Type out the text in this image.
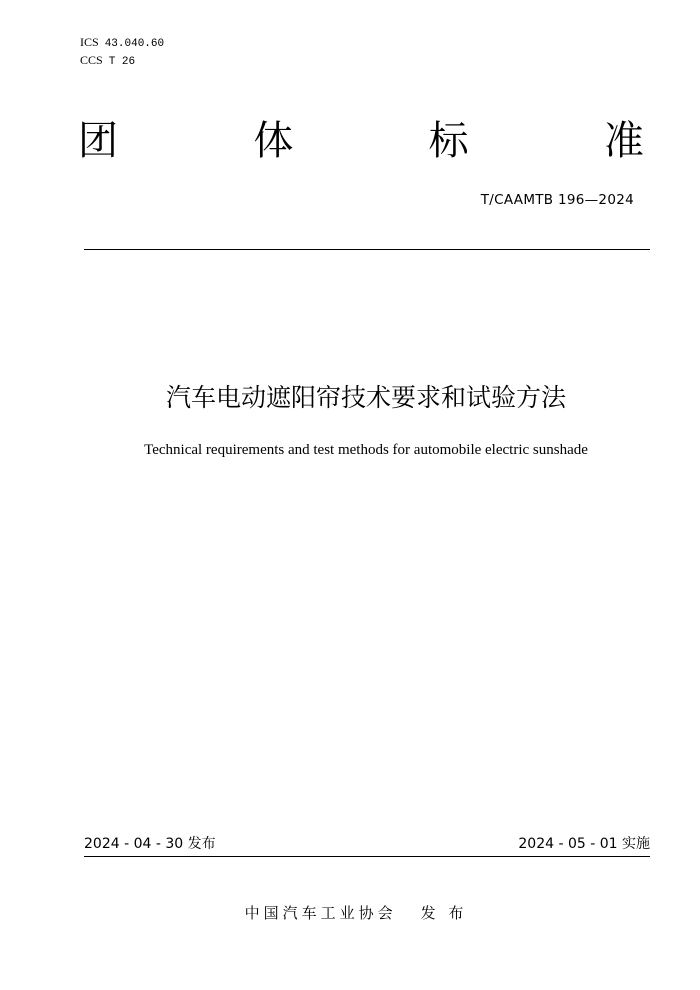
ICS 43.040.60
CCS T 26
团	体	标	准
T/CAAMTB 196—2024
汽车电动遮阳帘技术要求和试验方法
Technical requirements and test methods for automobile electric sunshade
2024 - 04 - 30 发布	2024 - 05 - 01 实施
中国汽车工业协会 发 布
